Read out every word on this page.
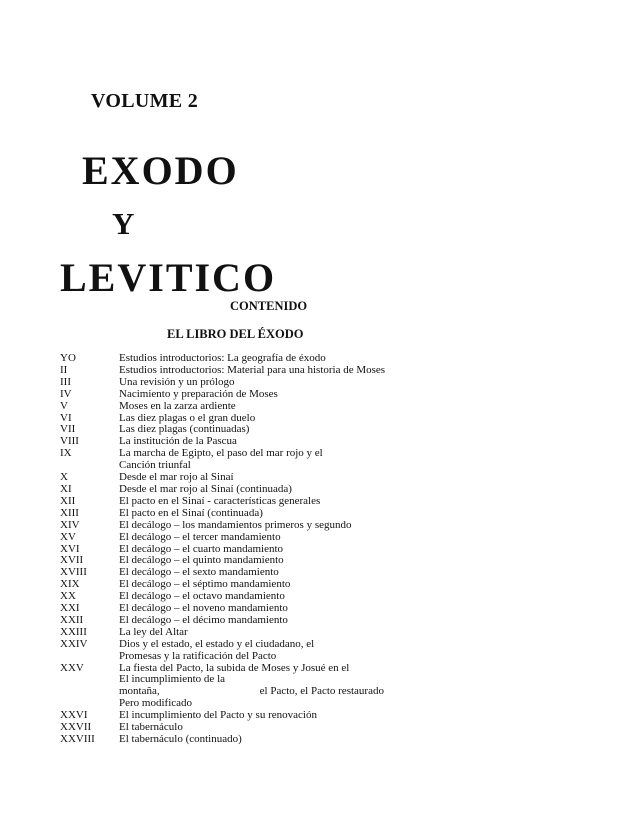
VOLUME 2
EXODO
Y
LEVITICO
CONTENIDO
EL LIBRO DEL ÉXODO
YO	Estudios introductorios: La geografía de éxodo
II	Estudios introductorios: Material para una historia de Moses
III	Una revisión y un prólogo
IV	Nacimiento y preparación de Moses
V	Moses en la zarza ardiente
VI	Las diez plagas o el gran duelo
VII	Las diez plagas (continuadas)
VIII	La institución de la Pascua
IX	La marcha de Egipto, el paso del mar rojo y el
Canción triunfal
X	Desde el mar rojo al Sinaí
XI	Desde el mar rojo al Sinaí (continuada)
XII	El pacto en el Sinaí - características generales
XIII	El pacto en el Sinaí (continuada)
XIV	El decálogo – los mandamientos primeros y segundo
XV	El decálogo – el tercer mandamiento
XVI	El decálogo – el cuarto mandamiento
XVII	El decálogo – el quinto mandamiento
XVIII	El decálogo – el sexto mandamiento
XIX	El decálogo – el séptimo mandamiento
XX	El decálogo – el octavo mandamiento
XXI	El decálogo – el noveno mandamiento
XXII	El decálogo – el décimo mandamiento
XXIII	La ley del Altar
XXIV	Dios y el estado, el estado y el ciudadano, el
Promesas y la ratificación del Pacto
XXV	La fiesta del Pacto, la subida de Moses y Josué en el
El incumplimiento de la
montaña,	el Pacto, el Pacto restaurado
Pero modificado
XXVI	El incumplimiento del Pacto y su renovación
XXVII	El tabernáculo
XXVIII	El tabernáculo (continuado)
